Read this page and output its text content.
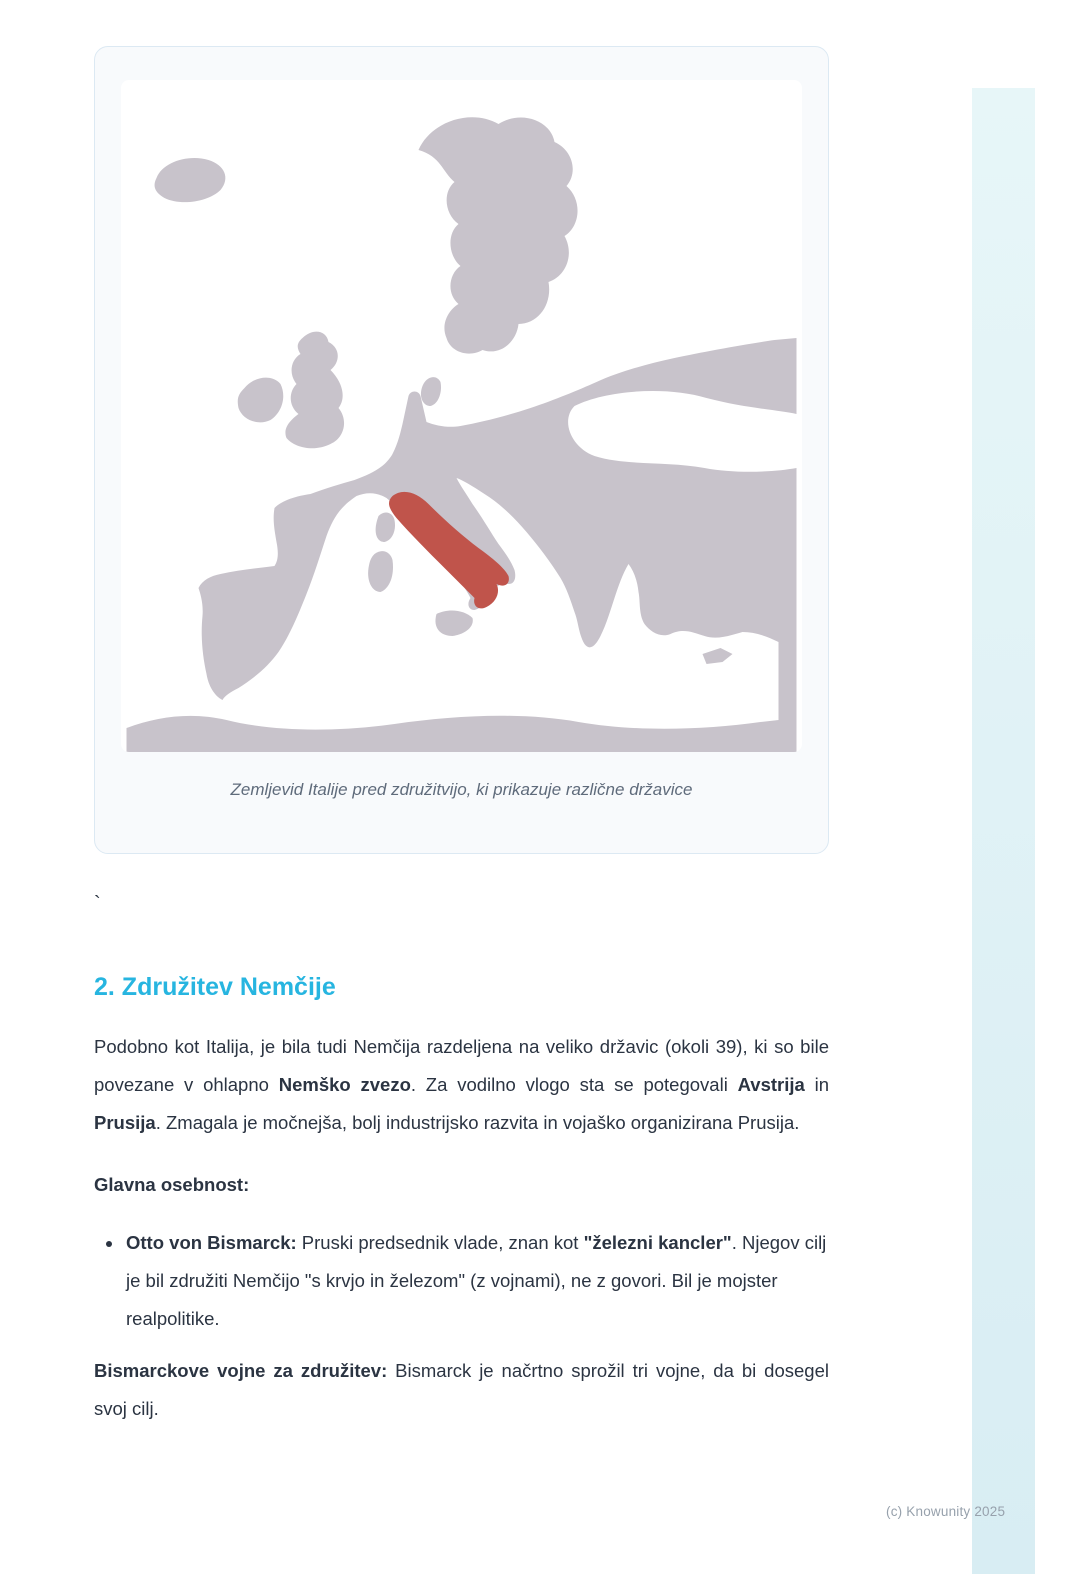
Zemljevid Italije pred združitvijo, ki prikazuje različne državice
`
2. Združitev Nemčije

Podobno kot Italija, je bila tudi Nemčija razdeljena na veliko državic (okoli 39), ki so bile povezane v ohlapno Nemško zvezo. Za vodilno vlogo sta se potegovali Avstrija in Prusija. Zmagala je močnejša, bolj industrijsko razvita in vojaško organizirana Prusija.

Glavna osebnost:

• Otto von Bismarck: Pruski predsednik vlade, znan kot "železni kancler". Njegov cilj je bil združiti Nemčijo "s krvjo in železom" (z vojnami), ne z govori. Bil je mojster realpolitike.

Bismarckove vojne za združitev: Bismarck je načrtno sprožil tri vojne, da bi dosegel svoj cilj.

(c) Knowunity 2025
